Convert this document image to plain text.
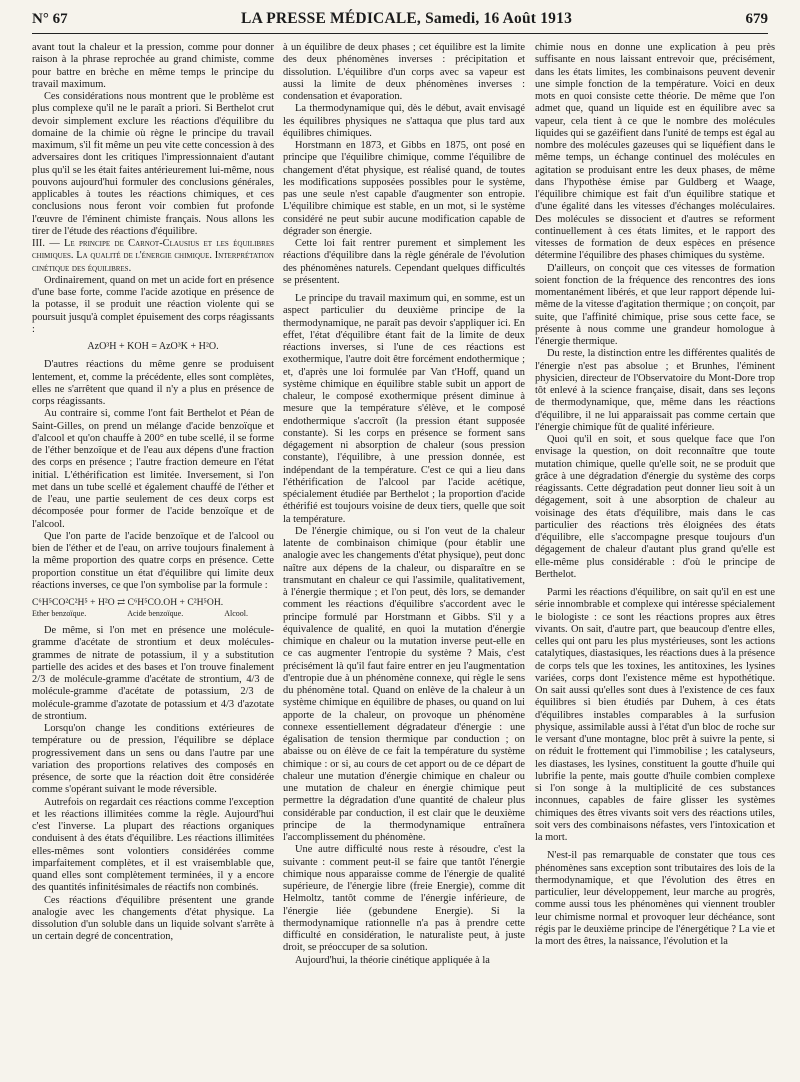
N° 67	LA PRESSE MÉDICALE, Samedi, 16 Août 1913	679

avant tout la chaleur et la pression, comme pour donner raison à la phrase reprochée au grand chimiste, comme pour battre en brèche en même temps le principe du travail maximum.

Ces considérations nous montrent que le problème est plus complexe qu'il ne le paraît a priori. Si Berthelot crut devoir simplement exclure les réactions d'équilibre du domaine de la chimie où règne le principe du travail maximum, s'il fit même un peu vite cette concession à des adversaires dont les critiques l'impressionnaient d'autant plus qu'il se les était faites antérieurement lui-même, nous pouvons aujourd'hui formuler des conclusions générales, applicables à toutes les réactions chimiques, et ces conclusions nous feront voir combien fut profonde l'œuvre de l'éminent chimiste français. Nous allons les tirer de l'étude des réactions d'équilibre.

III. — Le principe de Carnot-Clausius et les équilibres chimiques. La qualité de l'énergie chimique. Interprétation cinétique des équilibres.

Ordinairement, quand on met un acide fort en présence d'une base forte, comme l'acide azotique en présence de la potasse, il se produit une réaction violente qui se poursuit jusqu'à complet épuisement des corps réagissants :

AzO³H + KOH = AzO³K + H²O.

D'autres réactions du même genre se produisent lentement, et, comme la précédente, elles sont complètes, elles ne s'arrêtent que quand il n'y a plus en présence de corps réagissants.

Au contraire si, comme l'ont fait Berthelot et Péan de Saint-Gilles, on prend un mélange d'acide benzoïque et d'alcool et qu'on chauffe à 200° en tube scellé, il se forme de l'éther benzoïque et de l'eau aux dépens d'une fraction des corps en présence ; l'autre fraction demeure en l'état initial. L'éthérification est limitée. Inversement, si l'on met dans un tube scellé et également chauffé de l'éther et de l'eau, une partie seulement de ces deux corps est décomposée pour former de l'acide benzoïque et de l'alcool.

Que l'on parte de l'acide benzoïque et de l'alcool ou bien de l'éther et de l'eau, on arrive toujours finalement à la même proportion des quatre corps en présence. Cette proportion constitue un état d'équilibre qui limite deux réactions inverses, ce que l'on symbolise par la formule :

C⁶H⁵CO²C²H⁵ + H²O ⇄ C⁶H⁵CO.OH + C²H⁵OH.
Ether benzoïque.	Acide benzoïque.	Alcool.

De même, si l'on met en présence une molécule-gramme d'acétate de strontium et deux molécules-grammes de nitrate de potassium, il y a substitution partielle des acides et des bases et l'on trouve finalement 2/3 de molécule-gramme d'acétate de strontium, 4/3 de molécule-gramme d'acétate de potassium, 2/3 de molécule-gramme d'azotate de potassium et 4/3 d'azotate de strontium.

Lorsqu'on change les conditions extérieures de température ou de pression, l'équilibre se déplace progressivement dans un sens ou dans l'autre par une variation des proportions relatives des composés en présence, de sorte que la réaction doit être considérée comme s'opérant suivant le mode réversible.

Autrefois on regardait ces réactions comme l'exception et les réactions illimitées comme la règle. Aujourd'hui c'est l'inverse. La plupart des réactions organiques conduisent à des états d'équilibre. Les réactions illimitées elles-mêmes sont volontiers considérées comme imparfaitement complètes, et il est vraisemblable que, quand elles sont complètement terminées, il y a encore des quantités infinitésimales de réactifs non combinés.

Ces réactions d'équilibre présentent une grande analogie avec les changements d'état physique. La dissolution d'un soluble dans un liquide solvant s'arrête à un certain degré de concentration,

à un équilibre de deux phases ; cet équilibre est la limite des deux phénomènes inverses : précipitation et dissolution. L'équilibre d'un corps avec sa vapeur est aussi la limite de deux phénomènes inverses : condensation et évaporation.

La thermodynamique qui, dès le début, avait envisagé les équilibres physiques ne s'attaqua que plus tard aux équilibres chimiques.

Horstmann en 1873, et Gibbs en 1875, ont posé en principe que l'équilibre chimique, comme l'équilibre de changement d'état physique, est réalisé quand, de toutes les modifications supposées possibles pour le système, pas une seule n'est capable d'augmenter son entropie. L'équilibre chimique est stable, en un mot, si le système considéré ne peut subir aucune modification capable de dégrader son énergie.

Cette loi fait rentrer purement et simplement les réactions d'équilibre dans la règle générale de l'évolution des phénomènes naturels. Cependant quelques difficultés se présentent.

Le principe du travail maximum qui, en somme, est un aspect particulier du deuxième principe de la thermodynamique, ne paraît pas devoir s'appliquer ici. En effet, l'état d'équilibre étant fait de la limite de deux réactions inverses, si l'une de ces réactions est exothermique, l'autre doit être forcément endothermique ; et, d'après une loi formulée par Van t'Hoff, quand un système chimique en équilibre stable subit un apport de chaleur, le composé exothermique présent diminue à mesure que la température s'élève, et le composé endothermique s'accroît (la pression étant supposée constante). Si les corps en présence se forment sans dégagement ni absorption de chaleur (sous pression constante), l'équilibre, à une pression donnée, est indépendant de la température. C'est ce qui a lieu dans l'éthérification de l'alcool par l'acide acétique, spécialement étudiée par Berthelot ; la proportion d'acide éthérifié est toujours voisine de deux tiers, quelle que soit la température.

De l'énergie chimique, ou si l'on veut de la chaleur latente de combinaison chimique (pour établir une analogie avec les changements d'état physique), peut donc naître aux dépens de la chaleur, ou disparaître en se transmutant en chaleur ce qui l'assimile, qualitativement, à l'énergie thermique ; et l'on peut, dès lors, se demander comment les réactions d'équilibre s'accordent avec le principe formulé par Horstmann et Gibbs. S'il y a équivalence de qualité, en quoi la mutation d'énergie chimique en chaleur ou la mutation inverse peut-elle en ce cas augmenter l'entropie du système ? Mais, c'est précisément là qu'il faut faire entrer en jeu l'augmentation d'entropie due à un phénomène connexe, qui règle le sens du phénomène total. Quand on enlève de la chaleur à un système chimique en équilibre de phases, ou quand on lui apporte de la chaleur, on provoque un phénomène connexe essentiellement dégradateur d'énergie : une égalisation de tension thermique par conduction ; on abaisse ou on élève de ce fait la température du système chimique : or si, au cours de cet apport ou de ce départ de chaleur une mutation d'énergie chimique en chaleur ou une mutation de chaleur en énergie chimique peut permettre la dégradation d'une quantité de chaleur plus considérable par conduction, il est clair que le deuxième principe de la thermodynamique entraînera l'accomplissement du phénomène.

Une autre difficulté nous reste à résoudre, c'est la suivante : comment peut-il se faire que tantôt l'énergie chimique nous apparaisse comme de l'énergie de qualité supérieure, de l'énergie libre (freie Energie), comme dit Helmoltz, tantôt comme de l'énergie inférieure, de l'énergie liée (gebundene Energie). Si la thermodynamique rationnelle n'a pas à prendre cette difficulté en considération, le naturaliste peut, à juste droit, se préoccuper de sa solution.

Aujourd'hui, la théorie cinétique appliquée à la

chimie nous en donne une explication à peu près suffisante en nous laissant entrevoir que, précisément, dans les états limites, les combinaisons peuvent devenir une simple fonction de la température. Voici en deux mots en quoi consiste cette théorie. De même que l'on admet que, quand un liquide est en équilibre avec sa vapeur, cela tient à ce que le nombre des molécules liquides qui se gazéifient dans l'unité de temps est égal au nombre des molécules gazeuses qui se liquéfient dans le même temps, un échange continuel des molécules en agitation se produisant entre les deux phases, de même dans l'hypothèse émise par Guldberg et Waage, l'équilibre chimique est fait d'un équilibre statique et d'une égalité dans les vitesses d'échanges moléculaires. Des molécules se dissocient et d'autres se reforment continuellement à ces états limites, et le rapport des vitesses de formation de deux espèces en présence détermine l'équilibre des phases chimiques du système.

D'ailleurs, on conçoit que ces vitesses de formation soient fonction de la fréquence des rencontres des ions momentanément libérés, et que leur rapport dépende lui-même de la vitesse d'agitation thermique ; on conçoit, par suite, que l'affinité chimique, prise sous cette face, se présente à nous comme une grandeur homologue à l'énergie thermique.

Du reste, la distinction entre les différentes qualités de l'énergie n'est pas absolue ; et Brunhes, l'éminent physicien, directeur de l'Observatoire du Mont-Dore trop tôt enlevé à la science française, disait, dans ses leçons de thermodynamique, que, même dans les réactions d'équilibre, il ne lui apparaissait pas comme certain que l'énergie chimique fût de qualité inférieure.

Quoi qu'il en soit, et sous quelque face que l'on envisage la question, on doit reconnaître que toute mutation chimique, quelle qu'elle soit, ne se produit que grâce à une dégradation d'énergie du système des corps réagissants. Cette dégradation peut donner lieu soit à un dégagement, soit à une absorption de chaleur au voisinage des états d'équilibre, mais dans le cas particulier des réactions très éloignées des états d'équilibre, elle s'accompagne presque toujours d'un dégagement de chaleur d'autant plus grand qu'elle est elle-même plus considérable : d'où le principe de Berthelot.

Parmi les réactions d'équilibre, on sait qu'il en est une série innombrable et complexe qui intéresse spécialement le biologiste : ce sont les réactions propres aux êtres vivants. On sait, d'autre part, que beaucoup d'entre elles, celles qui ont paru les plus mystérieuses, sont les actions catalytiques, diastasiques, les réactions dues à la présence de corps tels que les toxines, les antitoxines, les lysines variées, corps dont l'existence même est hypothétique. On sait aussi qu'elles sont dues à l'existence de ces faux équilibres si bien étudiés par Duhem, à ces états d'équilibres instables comparables à la surfusion physique, assimilable aussi à l'état d'un bloc de roche sur le versant d'une montagne, bloc prêt à suivre la pente, si on réduit le frottement qui l'immobilise ; les catalyseurs, les diastases, les lysines, constituent la goutte d'huile qui lubrifie la pente, mais goutte d'huile combien complexe si l'on songe à la multiplicité de ces substances inconnues, capables de faire glisser les systèmes chimiques des êtres vivants soit vers des réactions utiles, soit vers des combinaisons néfastes, vers l'intoxication et la mort.

N'est-il pas remarquable de constater que tous ces phénomènes sans exception sont tributaires des lois de la thermodynamique, et que l'évolution des êtres en particulier, leur développement, leur marche au progrès, comme aussi tous les phénomènes qui viennent troubler leur chimisme normal et provoquer leur déchéance, sont régis par le deuxième principe de l'énergétique ? La vie et la mort des êtres, la naissance, l'évolution et la
